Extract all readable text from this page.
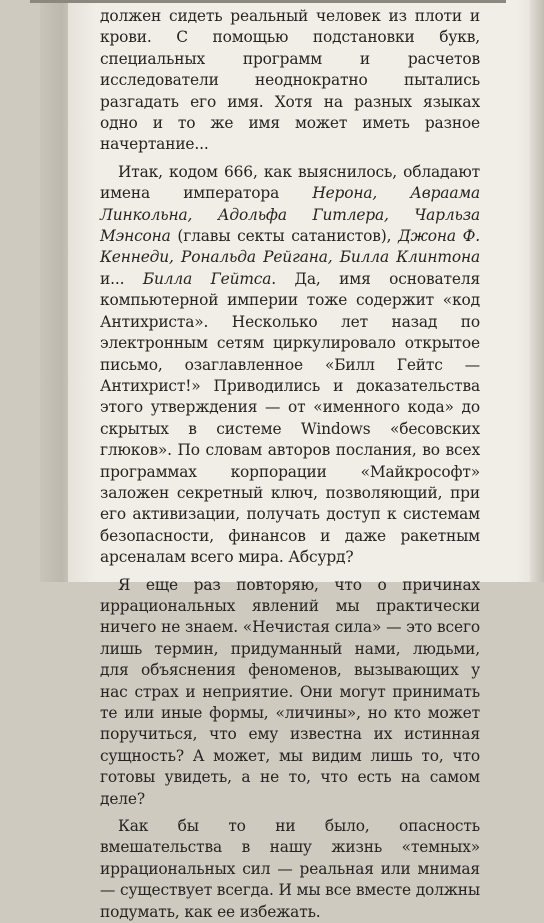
должен сидеть реальный человек из плоти и крови. С помощью подстановки букв, специальных программ и расчетов исследователи неоднократно пытались разгадать его имя. Хотя на разных языках одно и то же имя может иметь разное начертание...

Итак, кодом 666, как выяснилось, обладают имена императора Нерона, Авраама Линкольна, Адольфа Гитлера, Чарльза Мэнсона (главы секты сатанистов), Джона Ф. Кеннеди, Рональда Рейгана, Билла Клинтона и... Билла Гейтса. Да, имя основателя компьютерной империи тоже содержит «код Антихриста». Несколько лет назад по электронным сетям циркулировало открытое письмо, озаглавленное «Билл Гейтс — Антихрист!» Приводились и доказательства этого утверждения — от «именного кода» до скрытых в системе Windows «бесовских глюков». По словам авторов послания, во всех программах корпорации «Майкрософт» заложен секретный ключ, позволяющий, при его активизации, получать доступ к системам безопасности, финансов и даже ракетным арсеналам всего мира. Абсурд?

Я еще раз повторяю, что о причинах иррациональных явлений мы практически ничего не знаем. «Нечистая сила» — это всего лишь термин, придуманный нами, людьми, для объяснения феноменов, вызывающих у нас страх и неприятие. Они могут принимать те или иные формы, «личины», но кто может поручиться, что ему известна их истинная сущность? А может, мы видим лишь то, что готовы увидеть, а не то, что есть на самом деле?

Как бы то ни было, опасность вмешательства в нашу жизнь «темных» иррациональных сил — реальная или мнимая — существует всегда. И мы все вместе должны подумать, как ее избежать.
